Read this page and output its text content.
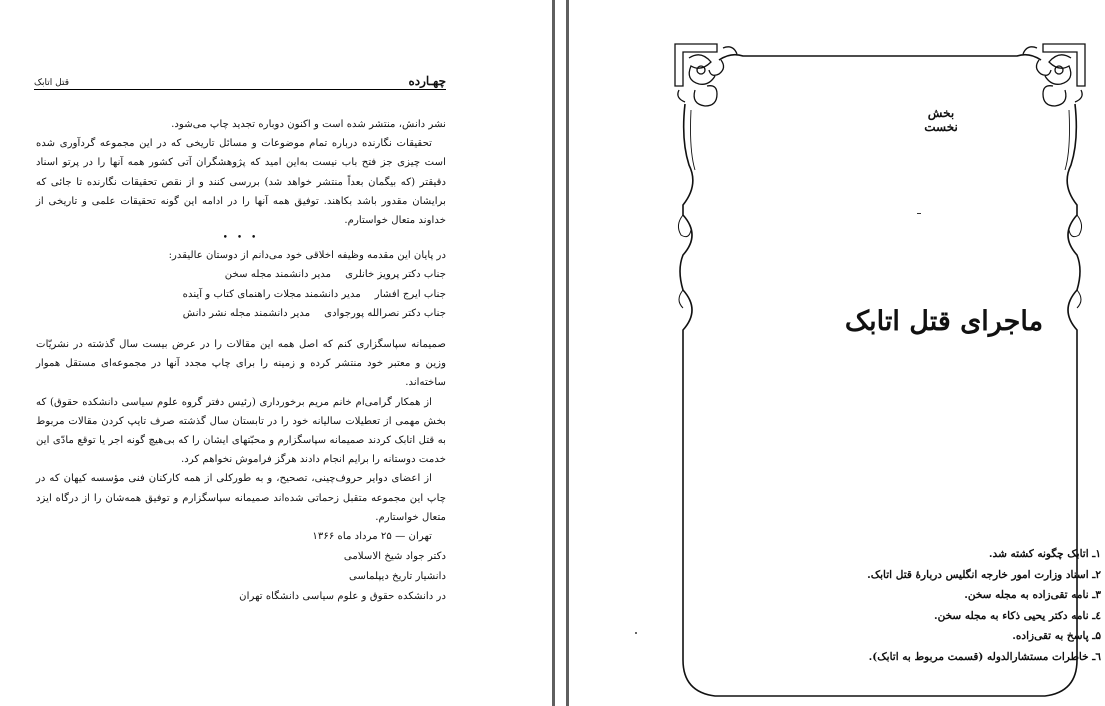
چهـارده
قتل اتابک

نشر دانش، منتشر شده است و اکنون دوباره تجدید چاپ می‌شود.

تحقیقات نگارنده درباره تمام موضوعات و مسائل تاریخی که در این مجموعه گردآوری شده است چیزی جز فتح باب نیست به‌این امید که پژوهشگران آتی کشور همه آنها را در پرتو اسناد دقیقتر (که بیگمان بعداً منتشر خواهد شد) بررسی کنند و از نقص تحقیقات نگارنده تا جائی که برایشان مقدور باشد بکاهند. توفیق همه آنها را در ادامه این گونه تحقیقات علمی و تاریخی از خداوند متعال خواستارم.

• • •

در پایان این مقدمه وظیفه اخلاقی خود می‌دانم از دوستان عالیقدر:

جناب دکتر پرویز خانلری
مدیر دانشمند مجله سخن
جناب ایرج افشار
مدیر دانشمند مجلات راهنمای کتاب و آینده
جناب دکتر نصرالله پورجوادی
مدیر دانشمند مجله نشر دانش

صمیمانه سپاسگزاری کنم که اصل همه این مقالات را در عرض بیست سال گذشته در نشریّات وزین و معتبر خود منتشر کرده و زمینه را برای چاپ مجدد آنها در مجموعه‌ای مستقل هموار ساخته‌اند.

از همکار گرامی‌ام خانم مریم برخورداری (رئیس دفتر گروه علوم سیاسی دانشکده حقوق) که بخش مهمی از تعطیلات سالیانه خود را در تابستان سال گذشته صرف تایپ کردن مقالات مربوط به قتل اتابک کردند صمیمانه سپاسگزارم و محبّتهای ایشان را که بی‌هیچ گونه اجر یا توقع مادّی این خدمت دوستانه را برایم انجام دادند هرگز فراموش نخواهم کرد.

از اعضای دوایر حروف‌چینی، تصحیح، و به طورکلی از همه کارکنان فنی مؤسسه کیهان که در چاپ این مجموعه متقبل زحماتی شده‌اند صمیمانه سپاسگزارم و توفیق همه‌شان را از درگاه ایزد متعال خواستارم.

تهران — ۲۵ مرداد ماه ۱۳۶۶

دکتر جواد شیخ الاسلامی

دانشیار تاریخ دیپلماسی

در دانشکده حقوق و علوم سیاسی دانشگاه تهران

بخش نخست
ماجرای قتل اتابک
۱ـ اتابک چگونه کشته شد.
۲ـ اسناد وزارت امور خارجه انگلیس دربارهٔ قتل اتابک.
۳ـ نامه تقی‌زاده به مجله سخن.
٤ـ نامه دکتر یحیی ذکاء به مجله سخن.
۵ـ پاسخ به تقی‌زاده.
٦ـ خاطرات مستشارالدوله (قسمت مربوط به اتابک).
